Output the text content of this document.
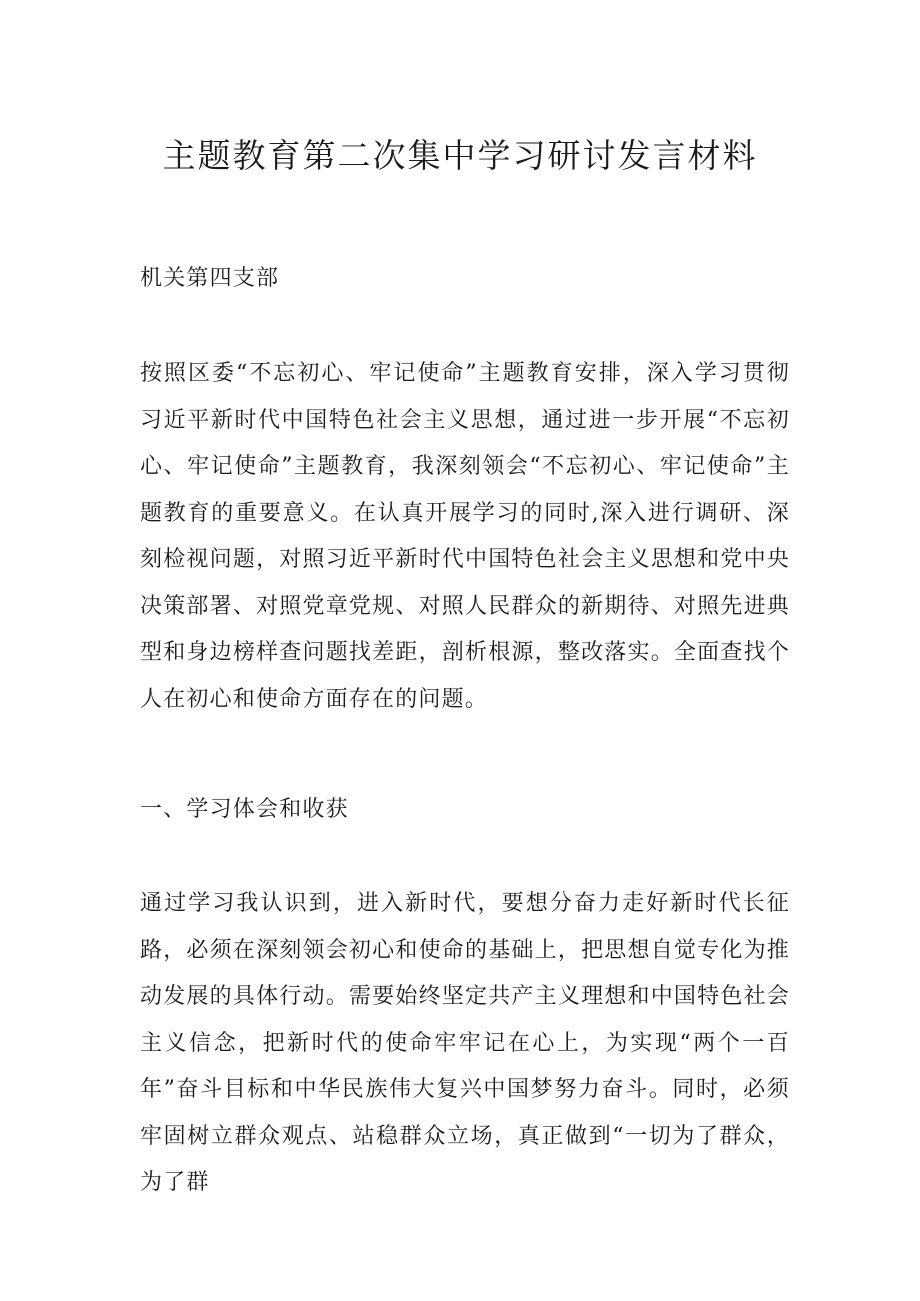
主题教育第二次集中学习研讨发言材料

机关第四支部

按照区委“不忘初心、牢记使命”主题教育安排，深入学习贯彻习近平新时代中国特色社会主义思想，通过进一步开展“不忘初心、牢记使命”主题教育，我深刻领会“不忘初心、牢记使命”主题教育的重要意义。在认真开展学习的同时,深入进行调研、深刻检视问题，对照习近平新时代中国特色社会主义思想和党中央决策部署、对照党章党规、对照人民群众的新期待、对照先进典型和身边榜样查问题找差距，剖析根源，整改落实。全面查找个人在初心和使命方面存在的问题。

一、学习体会和收获

通过学习我认识到，进入新时代，要想分奋力走好新时代长征路，必须在深刻领会初心和使命的基础上，把思想自觉专化为推动发展的具体行动。需要始终坚定共产主义理想和中国特色社会主义信念，把新时代的使命牢牢记在心上，为实现“两个一百年”奋斗目标和中华民族伟大复兴中国梦努力奋斗。同时，必须牢固树立群众观点、站稳群众立场，真正做到“一切为了群众，为了群
